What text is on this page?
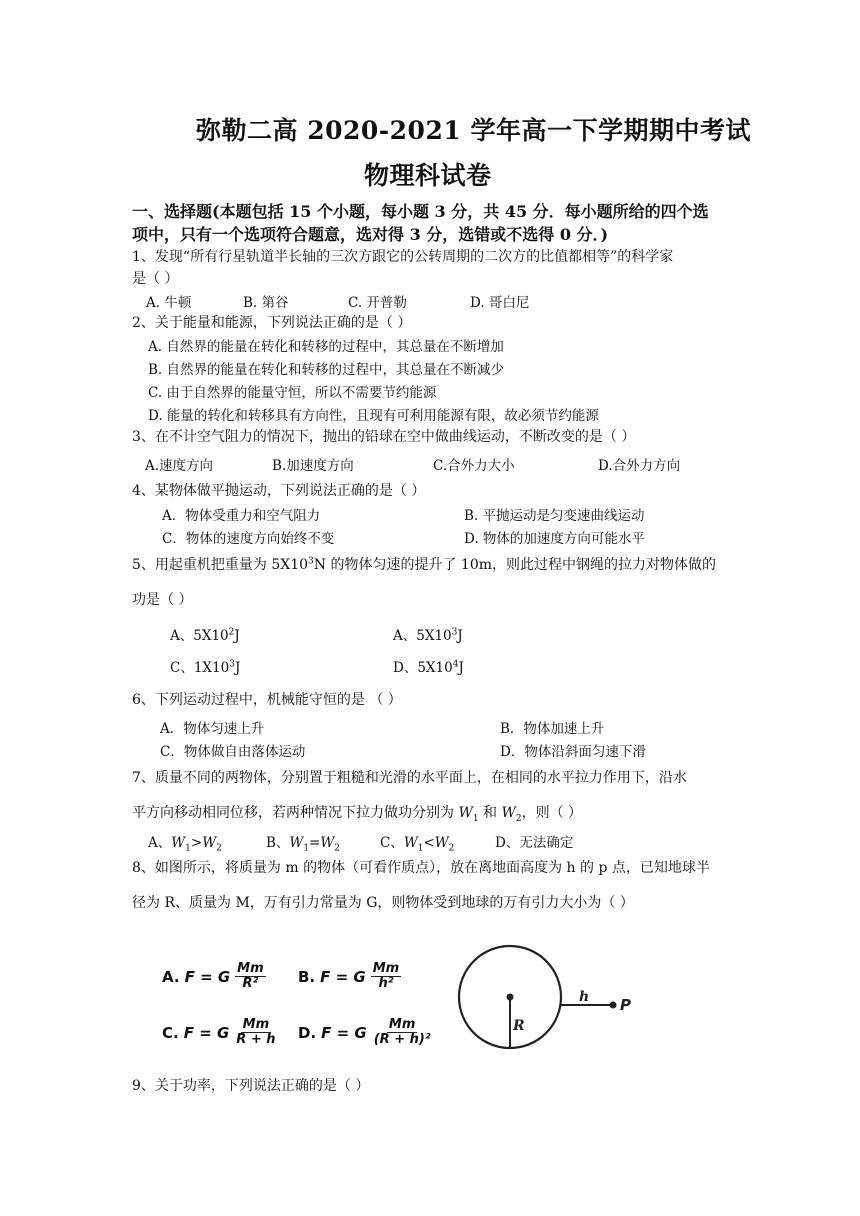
弥勒二高 2020-2021 学年高一下学期期中考试
物理科试卷
一、选择题(本题包括 15 个小题，每小题 3 分，共 45 分．每小题所给的四个选
项中，只有一个选项符合题意，选对得 3 分，选错或不选得 0 分．)
1、发现“所有行星轨道半长轴的三次方跟它的公转周期的二次方的比值都相等”的科学家
是（ ）
A. 牛顿	B. 第谷	C. 开普勒	D. 哥白尼
2、关于能量和能源，下列说法正确的是（ ）
A. 自然界的能量在转化和转移的过程中，其总量在不断增加
B. 自然界的能量在转化和转移的过程中，其总量在不断减少
C. 由于自然界的能量守恒，所以不需要节约能源
D. 能量的转化和转移具有方向性，且现有可利用能源有限，故必须节约能源
3、在不计空气阻力的情况下，抛出的铅球在空中做曲线运动，不断改变的是（ ）
A.速度方向	B.加速度方向	C.合外力大小	D.合外力方向
4、某物体做平抛运动，下列说法正确的是（ ）
A．物体受重力和空气阻力	B. 平抛运动是匀变速曲线运动
C．物体的速度方向始终不变	D. 物体的加速度方向可能水平
5、用起重机把重量为 $5X10^3N$ 的物体匀速的提升了 10m，则此过程中钢绳的拉力对物体做的
功是（ ）
A、$5X10^2J$	A、$5X10^3J$
C、$1X10^3J$	D、$5X10^4J$
6、下列运动过程中，机械能守恒的是 （ ）
A．物体匀速上升	B．物体加速上升
C．物体做自由落体运动	D．物体沿斜面匀速下滑
7、质量不同的两物体，分别置于粗糙和光滑的水平面上，在相同的水平拉力作用下，沿水
平方向移动相同位移，若两种情况下拉力做功分别为 $W_1$ 和 $W_2$，则（ ）
A、$W_1>W_2$	B、$W_1=W_2$	C、$W_1<W_2$	D、无法确定
8、如图所示，将质量为 m 的物体（可看作质点），放在离地面高度为 h 的 p 点，已知地球半
径为 R、质量为 M，万有引力常量为 G，则物体受到地球的万有引力大小为（ ）
A. F = G $\frac{Mm}{\text{R²}} B$. F = G $\frac{Mm}{\text{h²}}$
C. F = G $\frac{Mm}{R + h} D$. F = G $\frac{Mm}{\text{(R + h)²}}$
h P
R
9、关于功率，下列说法正确的是（ ）
